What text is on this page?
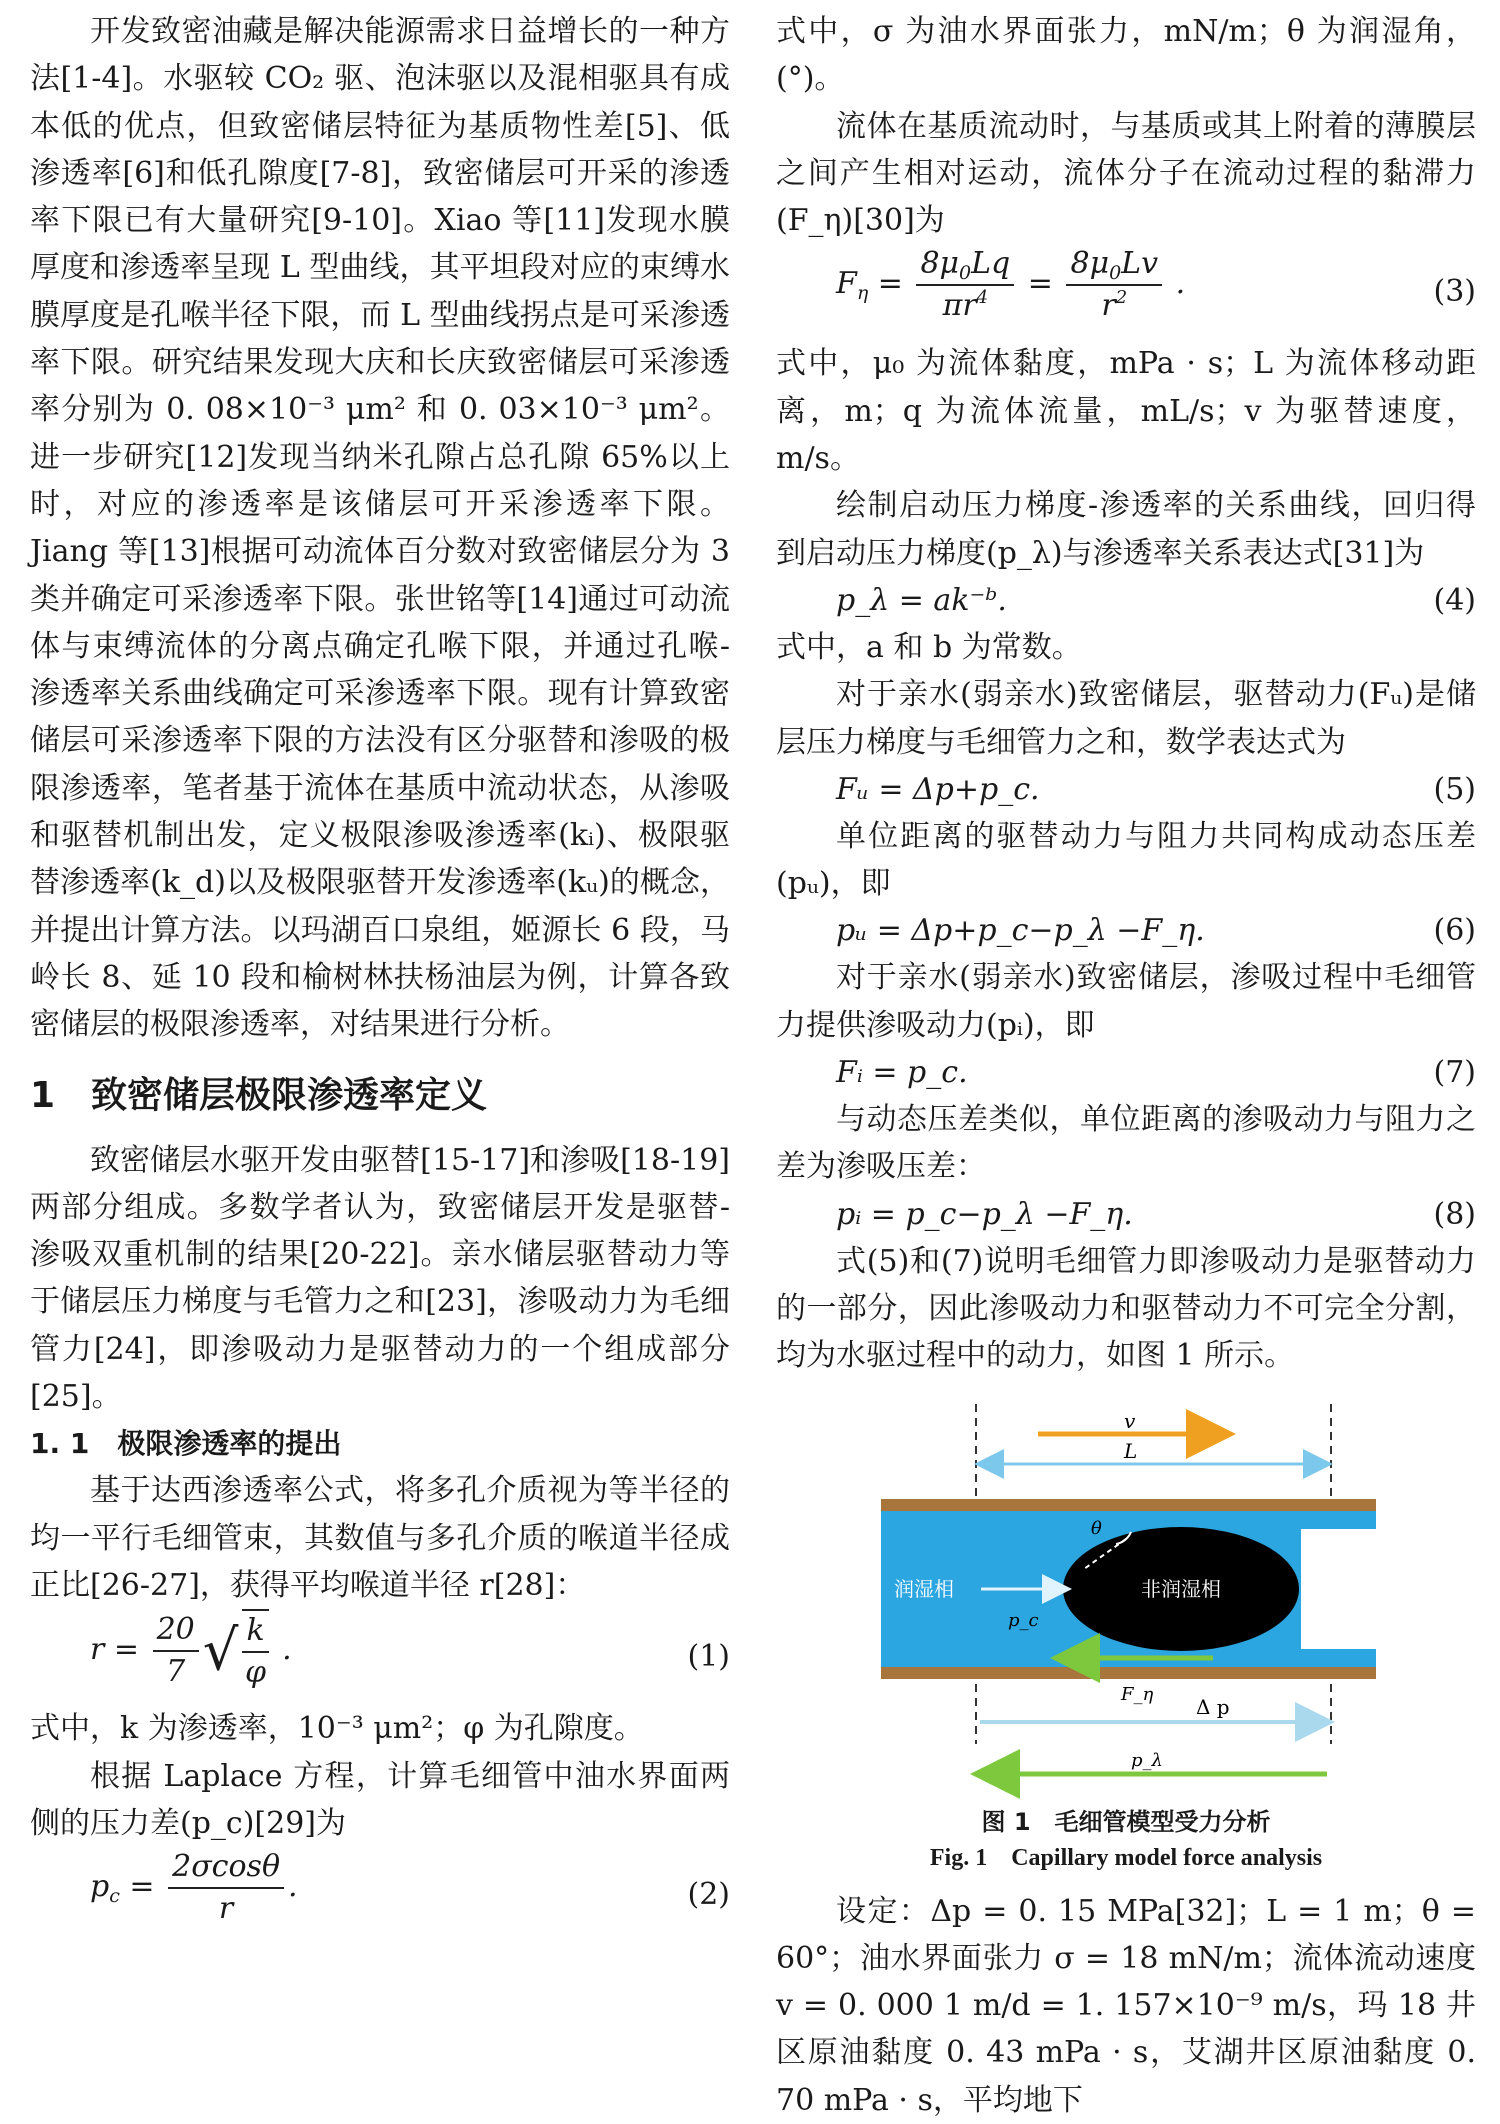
开发致密油藏是解决能源需求日益增长的一种方法[1-4]。水驱较 CO₂ 驱、泡沫驱以及混相驱具有成本低的优点，但致密储层特征为基质物性差[5]、低渗透率[6]和低孔隙度[7-8]，致密储层可开采的渗透率下限已有大量研究[9-10]。Xiao 等[11]发现水膜厚度和渗透率呈现 L 型曲线，其平坦段对应的束缚水膜厚度是孔喉半径下限，而 L 型曲线拐点是可采渗透率下限。研究结果发现大庆和长庆致密储层可采渗透率分别为 0. 08×10⁻³ μm² 和 0. 03×10⁻³ μm²。进一步研究[12]发现当纳米孔隙占总孔隙 65%以上时，对应的渗透率是该储层可开采渗透率下限。Jiang 等[13]根据可动流体百分数对致密储层分为 3 类并确定可采渗透率下限。张世铭等[14]通过可动流体与束缚流体的分离点确定孔喉下限，并通过孔喉-渗透率关系曲线确定可采渗透率下限。现有计算致密储层可采渗透率下限的方法没有区分驱替和渗吸的极限渗透率，笔者基于流体在基质中流动状态，从渗吸和驱替机制出发，定义极限渗吸渗透率(kᵢ)、极限驱替渗透率(k_d)以及极限驱替开发渗透率(kᵤ)的概念，并提出计算方法。以玛湖百口泉组，姬源长 6 段，马岭长 8、延 10 段和榆树林扶杨油层为例，计算各致密储层的极限渗透率，对结果进行分析。

1　致密储层极限渗透率定义

致密储层水驱开发由驱替[15-17]和渗吸[18-19]两部分组成。多数学者认为，致密储层开发是驱替-渗吸双重机制的结果[20-22]。亲水储层驱替动力等于储层压力梯度与毛管力之和[23]，渗吸动力为毛细管力[24]，即渗吸动力是驱替动力的一个组成部分[25]。

1. 1　极限渗透率的提出

基于达西渗透率公式，将多孔介质视为等半径的均一平行毛细管束，其数值与多孔介质的喉道半径成正比[26-27]，获得平均喉道半径 r[28]：

$r = \frac{20}{7}$ √ $\frac{k}{\varphi}$ .	(1)

式中，k 为渗透率，10⁻³ μm²；φ 为孔隙度。

根据 Laplace 方程，计算毛细管中油水界面两侧的压力差(p_c)[29]为

$p_c = \frac{2\sigma\cos\theta}{r}$ .	(2)

式中，σ 为油水界面张力，mN/m；θ 为润湿角，(°)。

流体在基质流动时，与基质或其上附着的薄膜层之间产生相对运动，流体分子在流动过程的黏滞力(F_η)[30]为

$F_\eta = \frac{8\mu_0Lq}{\pi r^4} = \frac{8\mu_0Lv}{r^2}$ .	(3)

式中，μ₀ 为流体黏度，mPa · s；L 为流体移动距离，m；q 为流体流量，mL/s；v 为驱替速度，m/s。

绘制启动压力梯度-渗透率的关系曲线，回归得到启动压力梯度(p_λ)与渗透率关系表达式[31]为

p_λ = ak⁻ᵇ.	(4)

式中，a 和 b 为常数。

对于亲水(弱亲水)致密储层，驱替动力(Fᵤ)是储层压力梯度与毛细管力之和，数学表达式为

Fᵤ = Δp+p_c.	(5)

单位距离的驱替动力与阻力共同构成动态压差(pᵤ)，即

pᵤ = Δp+p_c−p_λ −F_η.	(6)

对于亲水(弱亲水)致密储层，渗吸过程中毛细管力提供渗吸动力(pᵢ)，即

Fᵢ = p_c.	(7)

与动态压差类似，单位距离的渗吸动力与阻力之差为渗吸压差：

pᵢ = p_c−p_λ −F_η.	(8)

式(5)和(7)说明毛细管力即渗吸动力是驱替动力的一部分，因此渗吸动力和驱替动力不可完全分割，均为水驱过程中的动力，如图 1 所示。

v
L
θ
润湿相	非润湿相
p_c
F_η
Δ p
p_λ

图 1　毛细管模型受力分析

Fig. 1　Capillary model force analysis

设定：Δp = 0. 15 MPa[32]；L = 1 m；θ = 60°；油水界面张力 σ = 18 mN/m；流体流动速度 v = 0. 000 1 m/d = 1. 157×10⁻⁹ m/s，玛 18 井区原油黏度 0. 43 mPa · s，艾湖井区原油黏度 0. 70 mPa · s，平均地下
